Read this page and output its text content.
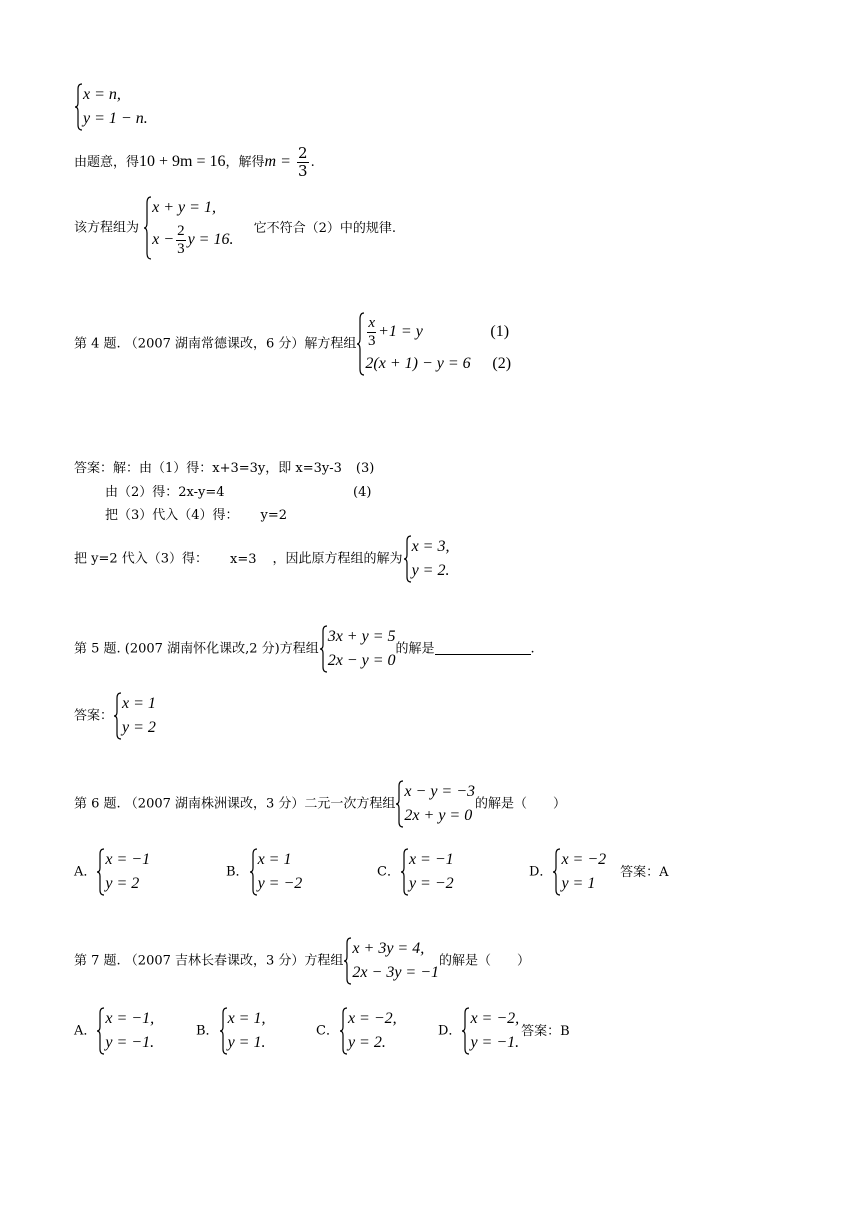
x = n,
y = 1 − n.
由题意，得10 + 9m = 16，解得$m = \frac{2}{3}$ .
该方程组为
x + y = 1,
$x - \frac{2}{3}$ y = 16.
它不符合（2）中的规律.
第 4 题. （2007 湖南常德课改，6 分）解方程组 $\frac{x}{3} +1 = y$	(1)
2(x + 1) − y = 6 (2)
答案：解：由（1）得：x+3=3y，即 x=3y-3 (3)
由（2）得：2x-y=4	(4)
把（3）代入（4）得： y=2
把 y=2 代入（3）得： x=3 ，因此原方程组的解为
x = 3,
y = 2.
第 5 题. (2007 湖南怀化课改,2 分)方程组
3x + y = 5
2x − y = 0
的解是	.
答案：
x = 1
y = 2
第 6 题. （2007 湖南株洲课改，3 分）二元一次方程组
x − y = −3
2x + y = 0
的解是（　　）
A．
x = −1
y = 2
B．
x = 1
y = −2
C．
x = −1
y = −2
D．
x = −2
y = 1
答案：A
第 7 题. （2007 吉林长春课改，3 分）方程组
x + 3y = 4,
2x − 3y = −1
的解是（　　）
A．
x = −1,
y = −1.
B．
x = 1,
y = 1.
C．
x = −2,
y = 2.
D．
x = −2,
y = −1.
答案：B
